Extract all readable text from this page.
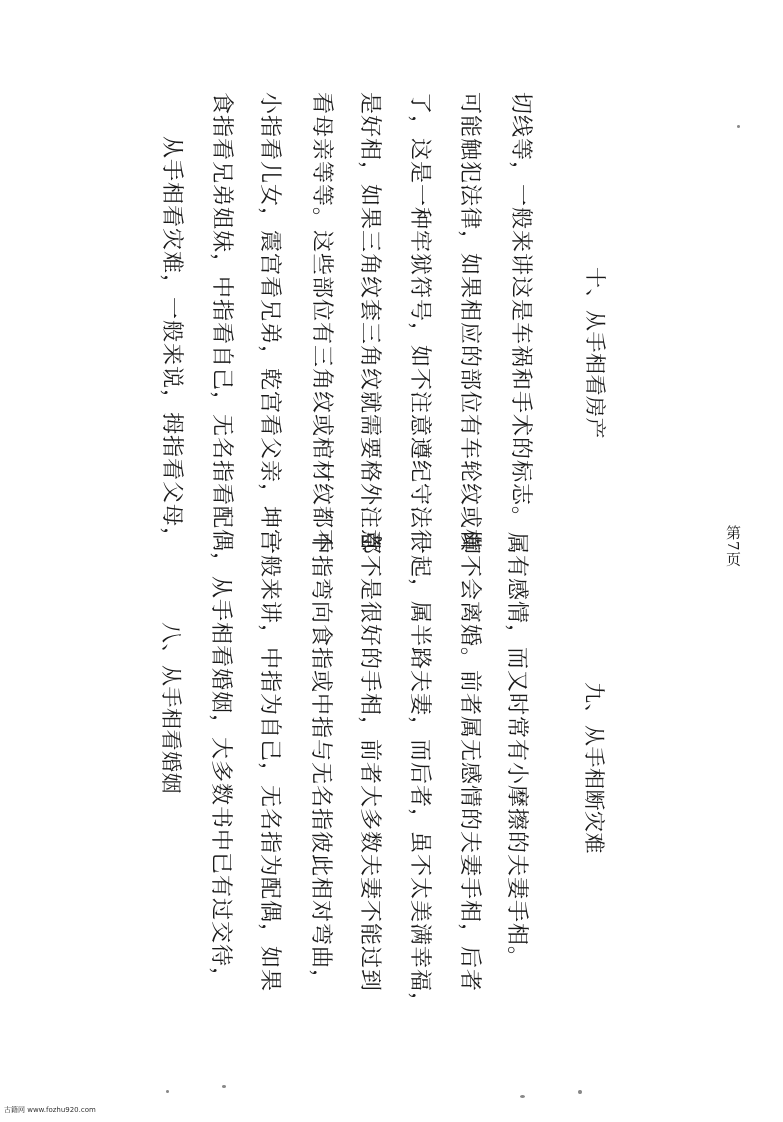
八、从手相看婚姻 从手相看婚姻，大多数书中已有过交待， 一般来讲，中指为自己，无名指为配偶，如果 中指弯向食指或中指与无名指彼此相对弯曲， 都不是很好的手相，前者大多数夫妻不能过到 一起，属半路夫妻，而后者，虽不太美满幸福， 却不会离婚。前者属无感情的夫妻手相，后者 属有感情，而又时常有小摩擦的夫妻手相。	九、从手相断灾难
从手相看灾难，一般来说，拇指看父母， 食指看兄弟姐妹，中指看自己，无名指看配偶， 小指看儿女，震宫看兄弟，乾宫看父亲，坤宫 看母亲等等。这些部位有三角纹或棺材纹都不 是好相，如果三角纹套三角纹就需要格外注意 了，这是一种牢狱符号，如不注意遵纪守法很 可能触犯法律，如果相应的部位有车轮纹或横 切线等，一般来讲这是车祸和手术的标志。 十、从手相看房产
第7页
古籍网 www.fozhu920.com
